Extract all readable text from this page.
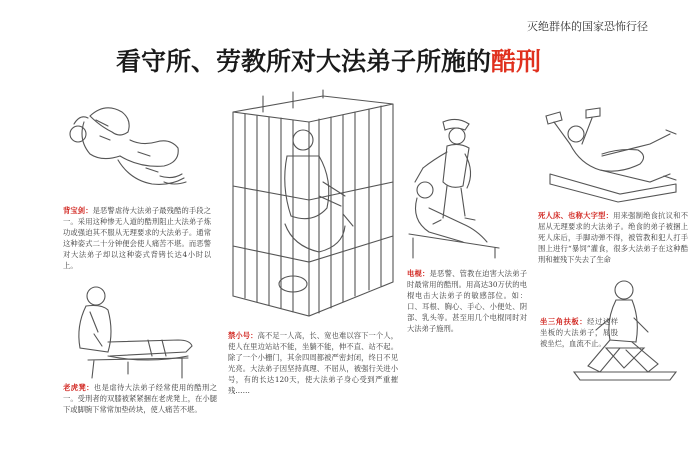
灭绝群体的国家恐怖行径
看守所、劳教所对大法弟子所施的酷刑
背宝剑：是恶警虐待大法弟子最残酷的手段之一。采用这种惨无人道的酷刑阻止大法弟子炼功或强迫其不服从无理要求的大法弟子。通常这种姿式二十分钟便会使人痛苦不堪。而恶警对大法弟子却以这种姿式背铐长达4小时以上。
老虎凳：也是虐待大法弟子经常使用的酷刑之一。受刑者的双膝被紧紧捆在老虎凳上，在小腿下或脚腕下常常加垫砖块，使人痛苦不堪。
禁小号：高不足一人高，长、宽也难以容下一个人，使人在里边站站不能，坐躺不能，伸不直、站不起。除了一个小栅门，其余四周都被严密封闭，终日不见光亮。大法弟子因坚持真理、不屈从，被强行关进小号，有的长达120天，使大法弟子身心受到严重摧残……
电棍：是恶警、管教在迫害大法弟子时最常用的酷刑。用高达30万伏的电棍电击大法弟子的敏感部位。如：口、耳根、胸心、手心、小便处、阴部、乳头等。甚至用几个电棍同时对大法弟子施刑。
死人床、也称大字型：用来强制绝食抗议和不屈从无理要求的大法弟子。绝食的弟子被捆上死人床后，手脚动弹不得，被管教和犯人打手围上进行“暴饲”灌食，很多大法弟子在这种酷刑和摧残下失去了生命
坐三角扶板：经过这样坐板的大法弟子，屁股被坐烂，血流不止。
